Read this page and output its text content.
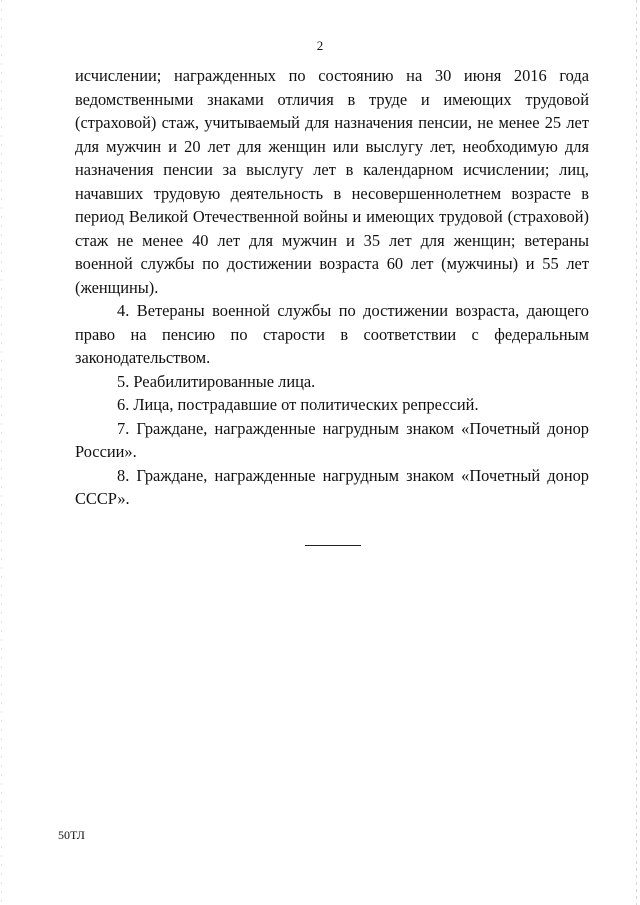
2

исчислении; награжденных по состоянию на 30 июня 2016 года ведомственными знаками отличия в труде и имеющих трудовой (страховой) стаж, учитываемый для назначения пенсии, не менее 25 лет для мужчин и 20 лет для женщин или выслугу лет, необходимую для назначения пенсии за выслугу лет в календарном исчислении; лиц, начавших трудовую деятельность в несовершеннолетнем возрасте в период Великой Отечественной войны и имеющих трудовой (страховой) стаж не менее 40 лет для мужчин и 35 лет для женщин; ветераны военной службы по достижении возраста 60 лет (мужчины) и 55 лет (женщины).

4. Ветераны военной службы по достижении возраста, дающего право на пенсию по старости в соответствии с федеральным законодательством.

5. Реабилитированные лица.

6. Лица, пострадавшие от политических репрессий.

7. Граждане, награжденные нагрудным знаком «Почетный донор России».

8. Граждане, награжденные нагрудным знаком «Почетный донор СССР».

50ТЛ
